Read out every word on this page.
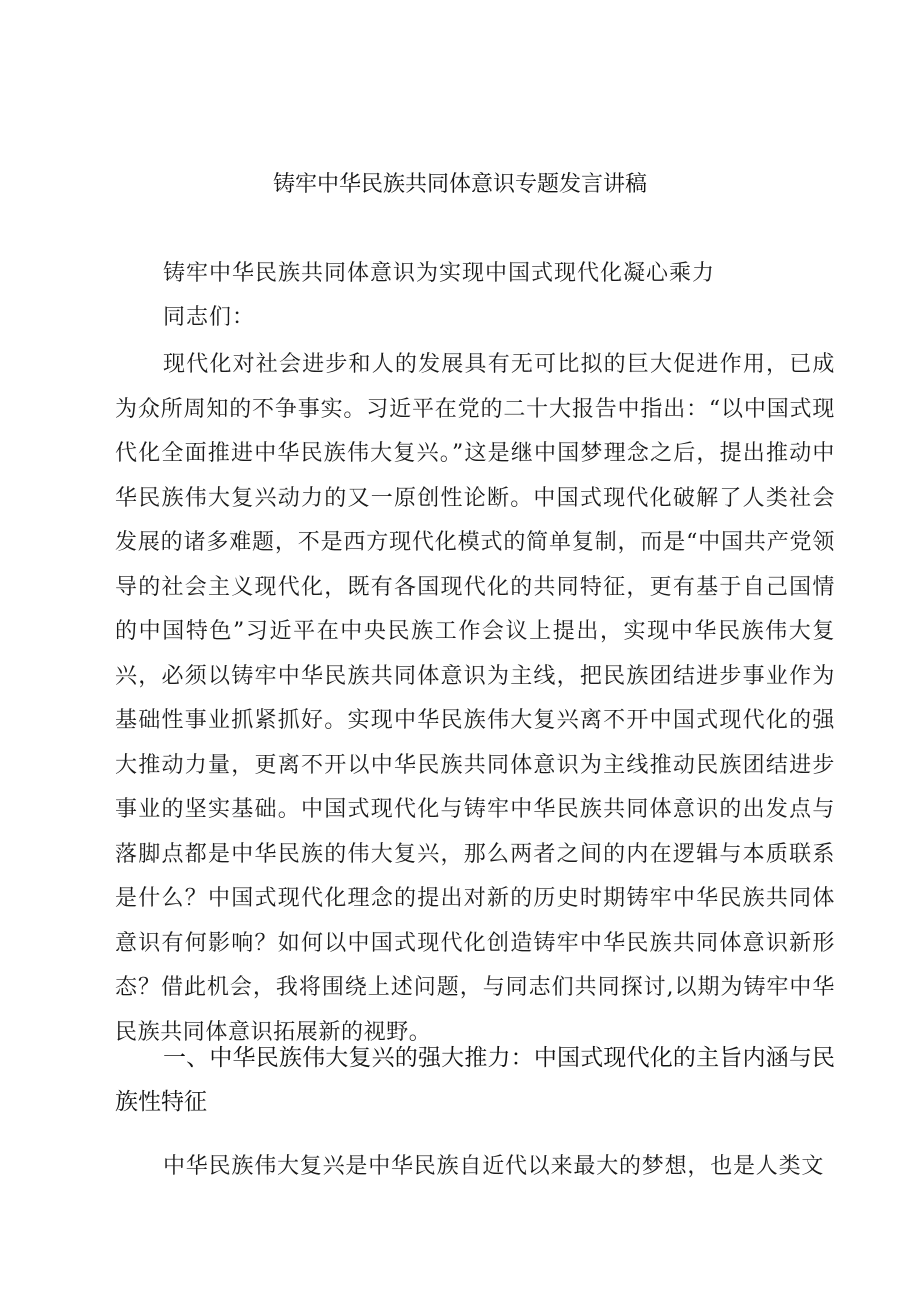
铸牢中华民族共同体意识专题发言讲稿
铸牢中华民族共同体意识为实现中国式现代化凝心乘力
同志们：

现代化对社会进步和人的发展具有无可比拟的巨大促进作用，已成为众所周知的不争事实。习近平在党的二十大报告中指出：“以中国式现代化全面推进中华民族伟大复兴。”这是继中国梦理念之后，提出推动中华民族伟大复兴动力的又一原创性论断。中国式现代化破解了人类社会发展的诸多难题，不是西方现代化模式的简单复制，而是“中国共产党领导的社会主义现代化，既有各国现代化的共同特征，更有基于自己国情的中国特色”习近平在中央民族工作会议上提出，实现中华民族伟大复兴，必须以铸牢中华民族共同体意识为主线，把民族团结进步事业作为基础性事业抓紧抓好。实现中华民族伟大复兴离不开中国式现代化的强大推动力量，更离不开以中华民族共同体意识为主线推动民族团结进步事业的坚实基础。中国式现代化与铸牢中华民族共同体意识的出发点与落脚点都是中华民族的伟大复兴，那么两者之间的内在逻辑与本质联系是什么？中国式现代化理念的提出对新的历史时期铸牢中华民族共同体意识有何影响？如何以中国式现代化创造铸牢中华民族共同体意识新形态？借此机会，我将围绕上述问题，与同志们共同探讨,以期为铸牢中华民族共同体意识拓展新的视野。

一、中华民族伟大复兴的强大推力：中国式现代化的主旨内涵与民族性特征

中华民族伟大复兴是中华民族自近代以来最大的梦想，也是人类文
